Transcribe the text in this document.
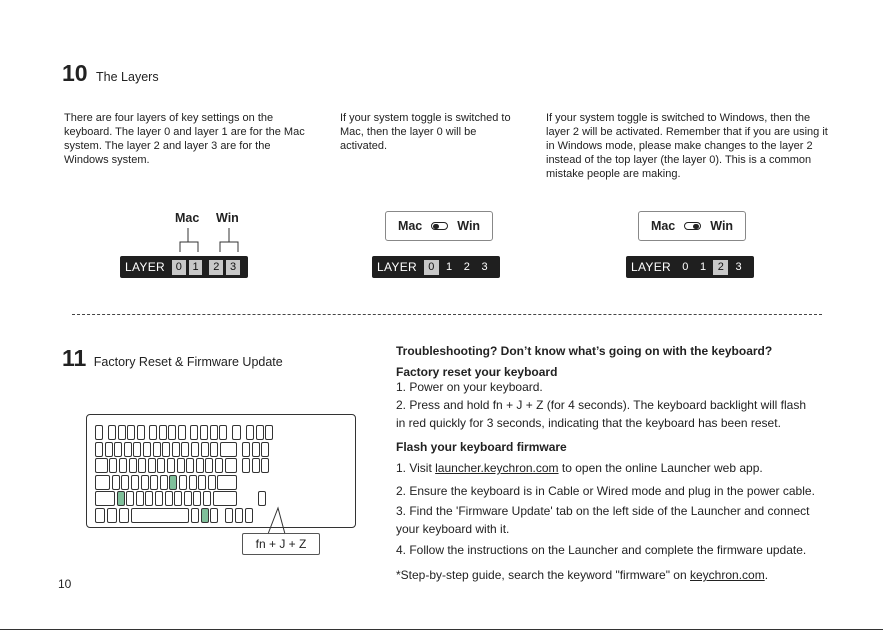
10 The Layers
There are four layers of key settings on the keyboard. The layer 0 and layer 1 are for the Mac system. The layer 2 and layer 3 are for the Windows system.
If your system toggle is switched to Mac, then the layer 0 will be activated.
If your system toggle is switched to Windows, then the layer 2 will be activated. Remember that if you are using it in Windows mode, please make changes to the layer 2 instead of the top layer (the layer 0). This is a common mistake people are making.
Mac Win
LAYER 0 1	2 3
Mac	Win
LAYER	0	1	2	3
Mac	Win
LAYER	0	1	2	3
11 Factory Reset & Firmware Update
fn + J + Z
Troubleshooting? Don’t know what’s going on with the keyboard?
Factory reset your keyboard
1. Power on your keyboard.
2. Press and hold fn + J + Z (for 4 seconds). The keyboard backlight will flash
in red quickly for 3 seconds, indicating that the keyboard has been reset.
Flash your keyboard firmware
1. Visit launcher.keychron.com to open the online Launcher web app.
2. Ensure the keyboard is in Cable or Wired mode and plug in the power cable.
3. Find the 'Firmware Update' tab on the left side of the Launcher and connect
your keyboard with it.
4. Follow the instructions on the Launcher and complete the firmware update.
*Step-by-step guide, search the keyword "firmware" on keychron.com.
10
